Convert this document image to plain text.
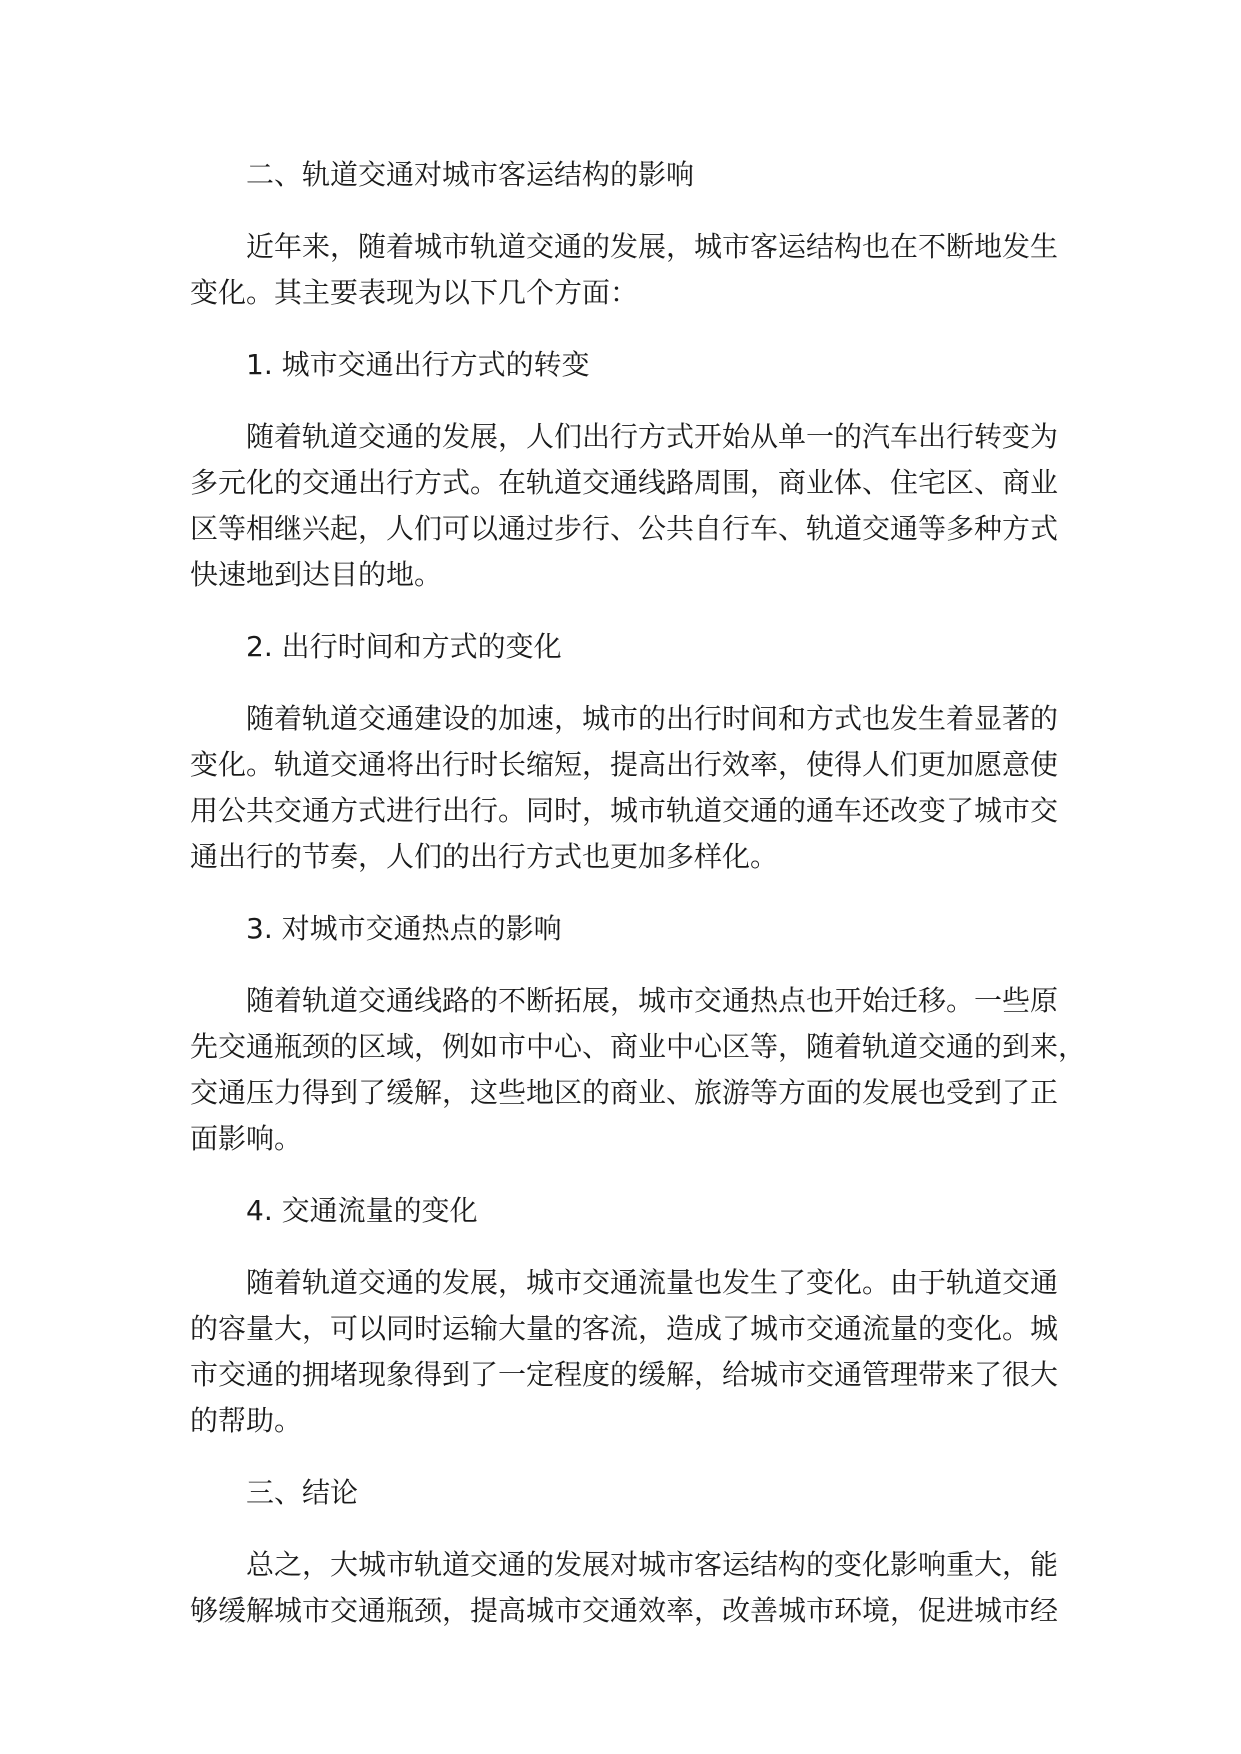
二、轨道交通对城市客运结构的影响
近年来，随着城市轨道交通的发展，城市客运结构也在不断地发生
变化。其主要表现为以下几个方面：
1. 城市交通出行方式的转变
随着轨道交通的发展，人们出行方式开始从单一的汽车出行转变为
多元化的交通出行方式。在轨道交通线路周围，商业体、住宅区、商业
区等相继兴起，人们可以通过步行、公共自行车、轨道交通等多种方式
快速地到达目的地。
2. 出行时间和方式的变化
随着轨道交通建设的加速，城市的出行时间和方式也发生着显著的
变化。轨道交通将出行时长缩短，提高出行效率，使得人们更加愿意使
用公共交通方式进行出行。同时，城市轨道交通的通车还改变了城市交
通出行的节奏，人们的出行方式也更加多样化。
3. 对城市交通热点的影响
随着轨道交通线路的不断拓展，城市交通热点也开始迁移。一些原
先交通瓶颈的区域，例如市中心、商业中心区等，随着轨道交通的到来，
交通压力得到了缓解，这些地区的商业、旅游等方面的发展也受到了正
面影响。
4. 交通流量的变化
随着轨道交通的发展，城市交通流量也发生了变化。由于轨道交通
的容量大，可以同时运输大量的客流，造成了城市交通流量的变化。城
市交通的拥堵现象得到了一定程度的缓解，给城市交通管理带来了很大
的帮助。
三、结论
总之，大城市轨道交通的发展对城市客运结构的变化影响重大，能
够缓解城市交通瓶颈，提高城市交通效率，改善城市环境，促进城市经
